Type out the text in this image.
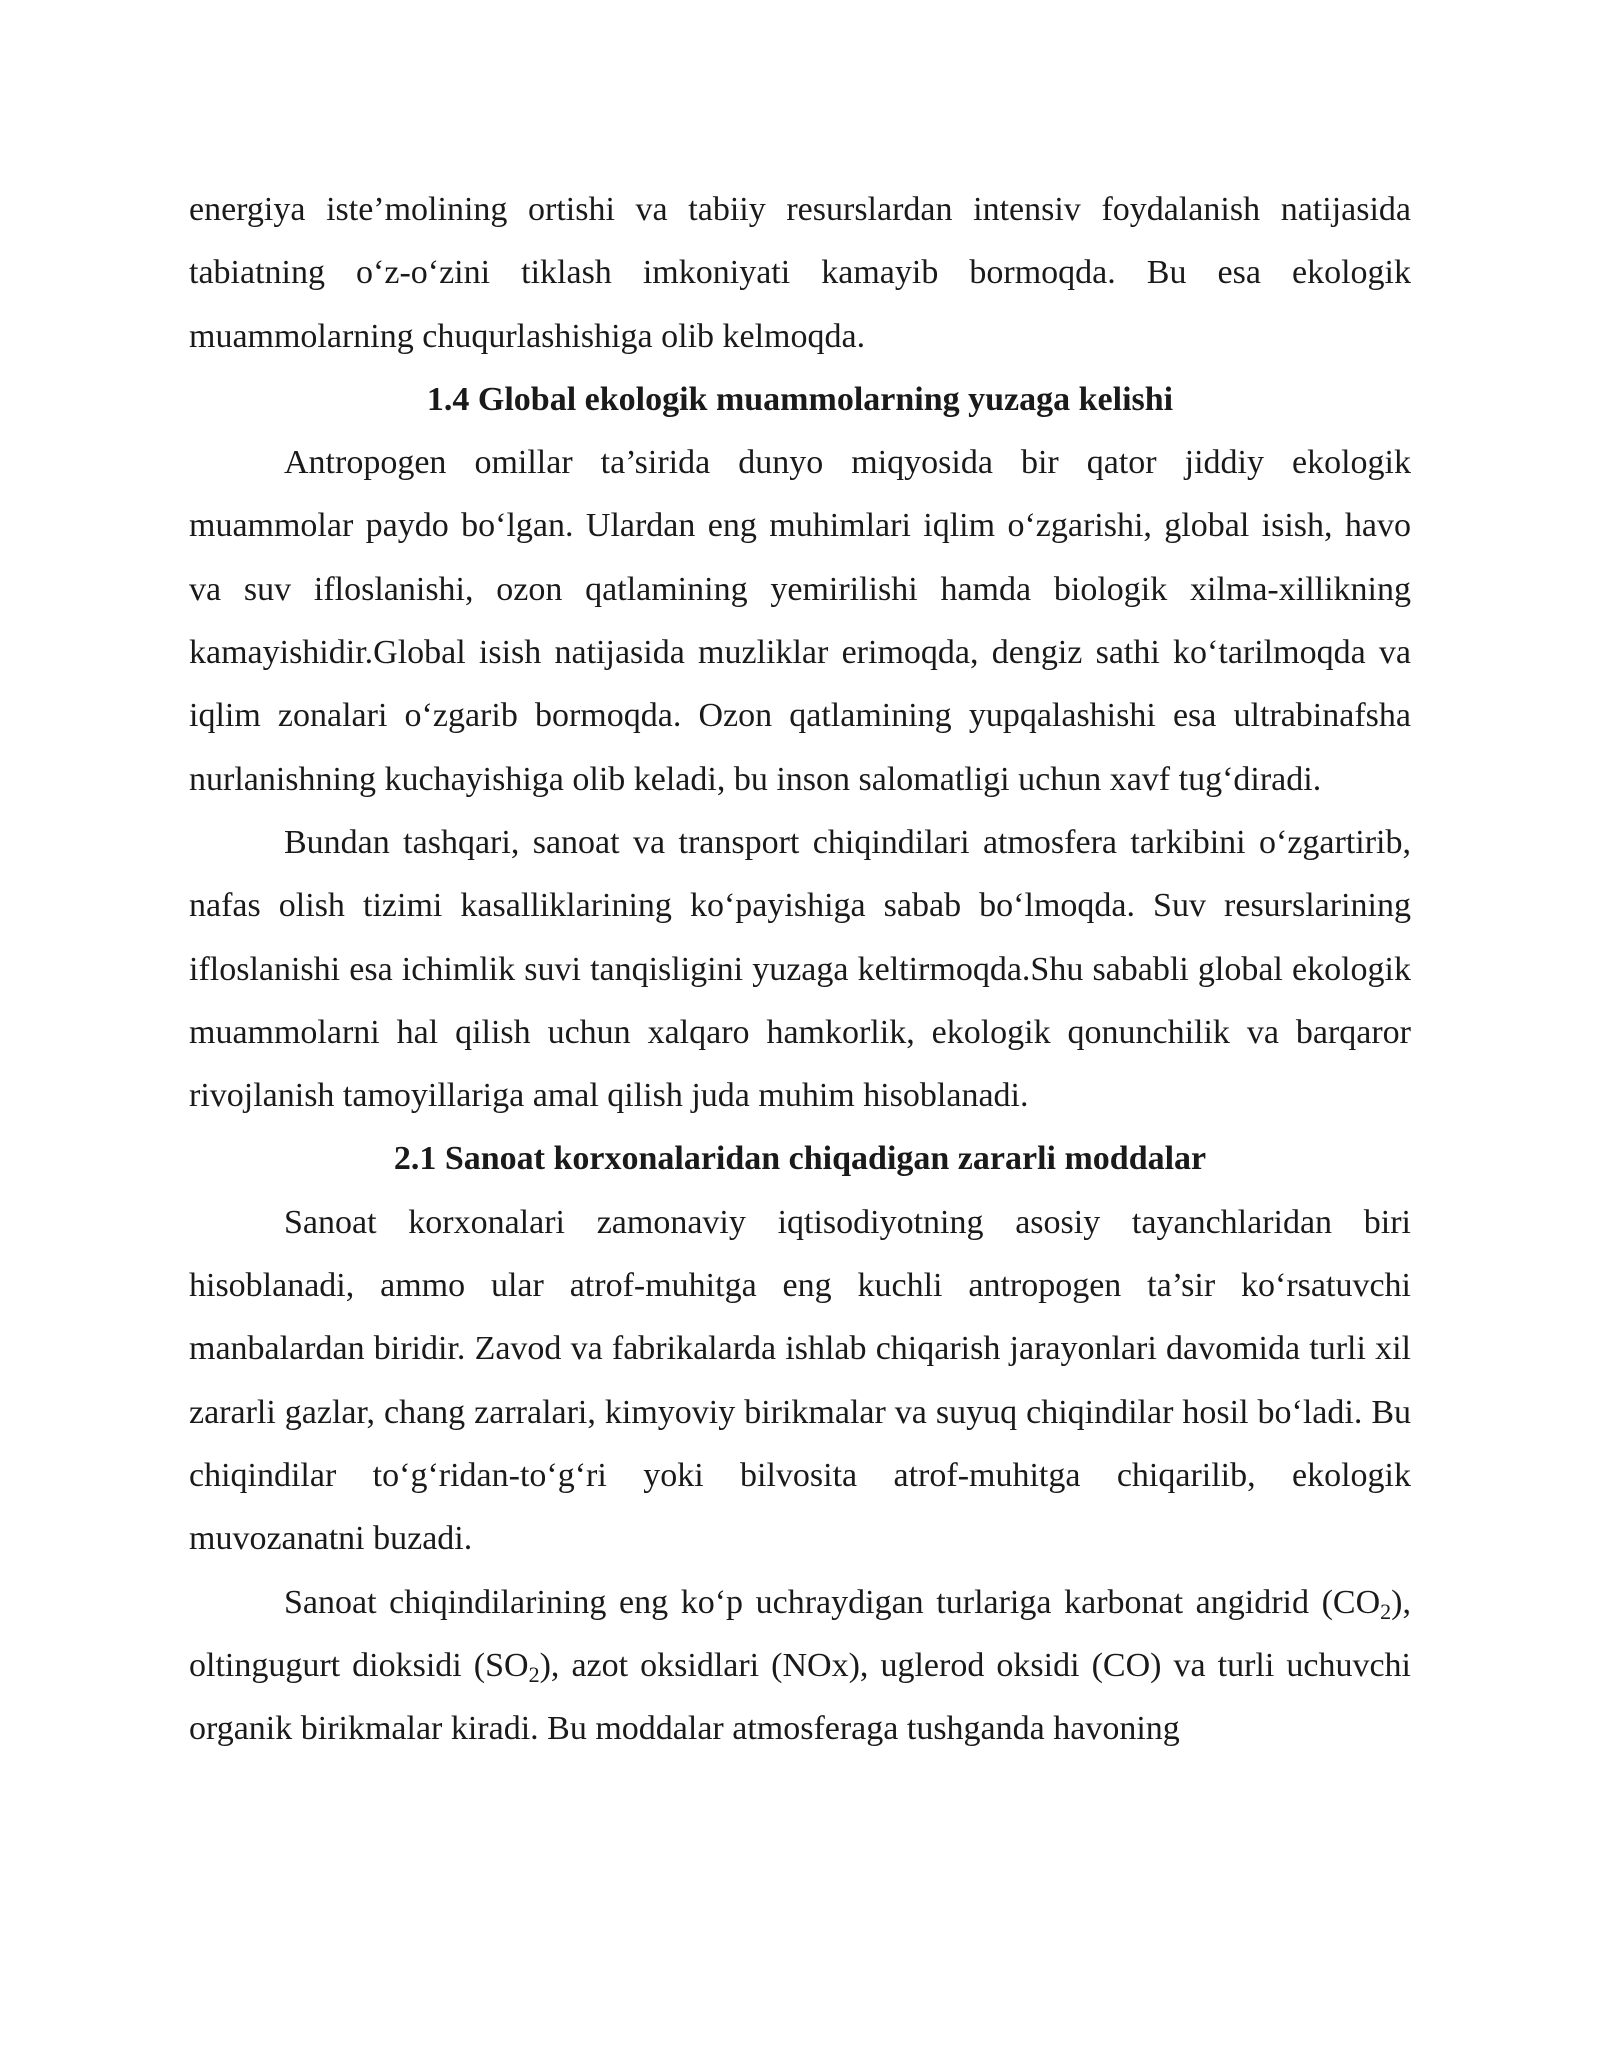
energiya iste’molining ortishi va tabiiy resurslardan intensiv foydalanish natijasida tabiatning o‘z-o‘zini tiklash imkoniyati kamayib bormoqda. Bu esa ekologik muammolarning chuqurlashishiga olib kelmoqda.

1.4 Global ekologik muammolarning yuzaga kelishi

Antropogen omillar ta’sirida dunyo miqyosida bir qator jiddiy ekologik muammolar paydo bo‘lgan. Ulardan eng muhimlari iqlim o‘zgarishi, global isish, havo va suv ifloslanishi, ozon qatlamining yemirilishi hamda biologik xilma-xillikning kamayishidir.Global isish natijasida muzliklar erimoqda, dengiz sathi ko‘tarilmoqda va iqlim zonalari o‘zgarib bormoqda. Ozon qatlamining yupqalashishi esa ultrabinafsha nurlanishning kuchayishiga olib keladi, bu inson salomatligi uchun xavf tug‘diradi.

Bundan tashqari, sanoat va transport chiqindilari atmosfera tarkibini o‘zgartirib, nafas olish tizimi kasalliklarining ko‘payishiga sabab bo‘lmoqda. Suv resurslarining ifloslanishi esa ichimlik suvi tanqisligini yuzaga keltirmoqda.Shu sababli global ekologik muammolarni hal qilish uchun xalqaro hamkorlik, ekologik qonunchilik va barqaror rivojlanish tamoyillariga amal qilish juda muhim hisoblanadi.

2.1 Sanoat korxonalaridan chiqadigan zararli moddalar

Sanoat korxonalari zamonaviy iqtisodiyotning asosiy tayanchlaridan biri hisoblanadi, ammo ular atrof-muhitga eng kuchli antropogen ta’sir ko‘rsatuvchi manbalardan biridir. Zavod va fabrikalarda ishlab chiqarish jarayonlari davomida turli xil zararli gazlar, chang zarralari, kimyoviy birikmalar va suyuq chiqindilar hosil bo‘ladi. Bu chiqindilar to‘g‘ridan-to‘g‘ri yoki bilvosita atrof-muhitga chiqarilib, ekologik muvozanatni buzadi.

Sanoat chiqindilarining eng ko‘p uchraydigan turlariga karbonat angidrid $(CO_2)$, oltingugurt dioksidi $(SO_2)$, azot oksidlari (NOx), uglerod oksidi (CO) va turli uchuvchi organik birikmalar kiradi. Bu moddalar atmosferaga tushganda havoning
